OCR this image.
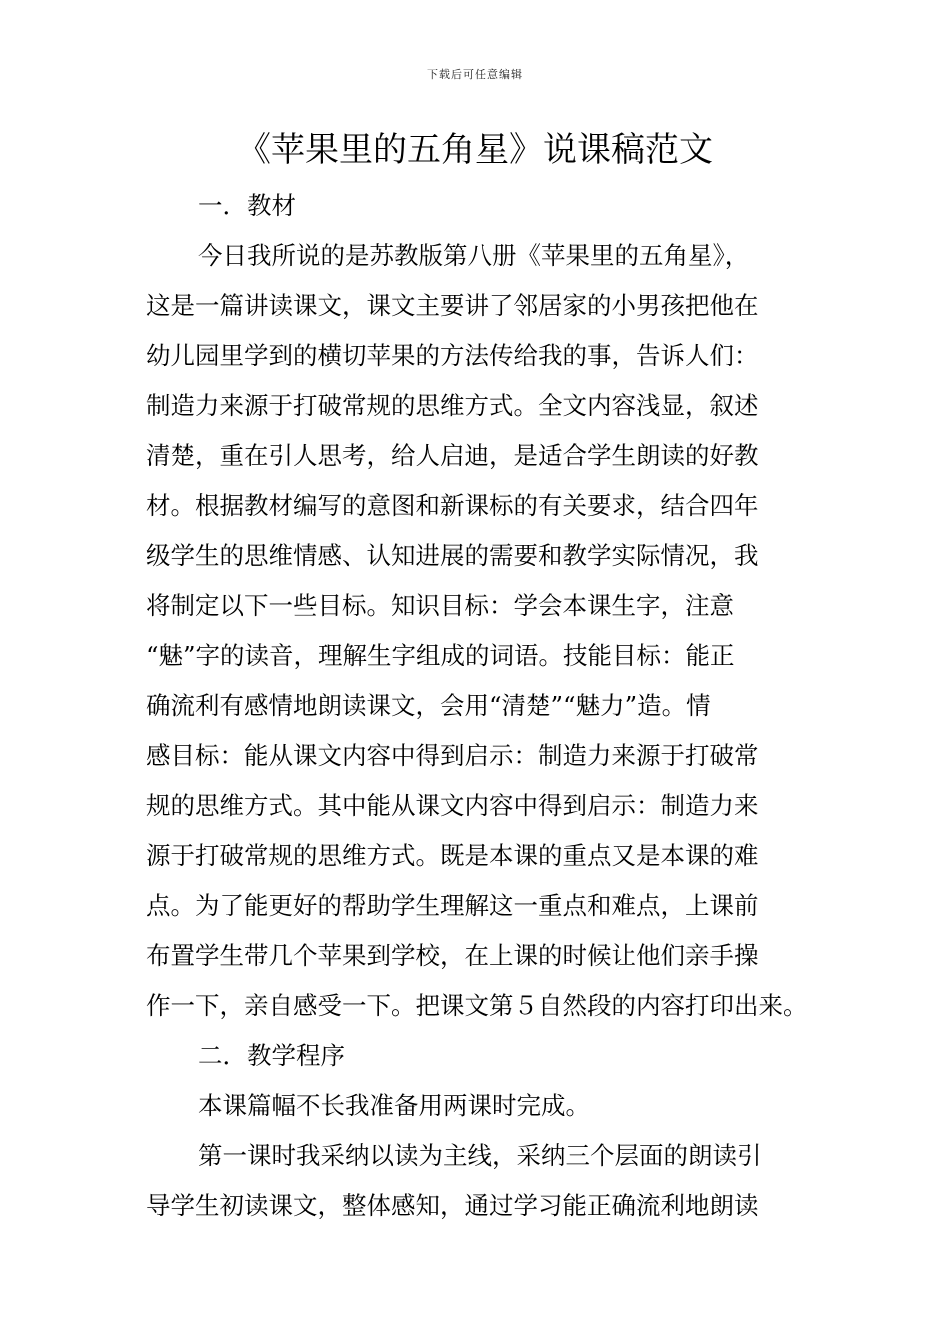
下载后可任意编辑
《苹果里的五角星》说课稿范文
一．教材
今日我所说的是苏教版第八册《苹果里的五角星》，
这是一篇讲读课文，课文主要讲了邻居家的小男孩把他在
幼儿园里学到的横切苹果的方法传给我的事，告诉人们：
制造力来源于打破常规的思维方式。全文内容浅显，叙述
清楚，重在引人思考，给人启迪，是适合学生朗读的好教
材。根据教材编写的意图和新课标的有关要求，结合四年
级学生的思维情感、认知进展的需要和教学实际情况，我
将制定以下一些目标。知识目标：学会本课生字，注意
“魅”字的读音，理解生字组成的词语。技能目标：能正
确流利有感情地朗读课文，会用“清楚”“魅力”造。情
感目标：能从课文内容中得到启示：制造力来源于打破常
规的思维方式。其中能从课文内容中得到启示：制造力来
源于打破常规的思维方式。既是本课的重点又是本课的难
点。为了能更好的帮助学生理解这一重点和难点，上课前
布置学生带几个苹果到学校，在上课的时候让他们亲手操
作一下，亲自感受一下。把课文第５自然段的内容打印出来。
二．教学程序
本课篇幅不长我准备用两课时完成。
第一课时我采纳以读为主线，采纳三个层面的朗读引
导学生初读课文，整体感知，通过学习能正确流利地朗读
